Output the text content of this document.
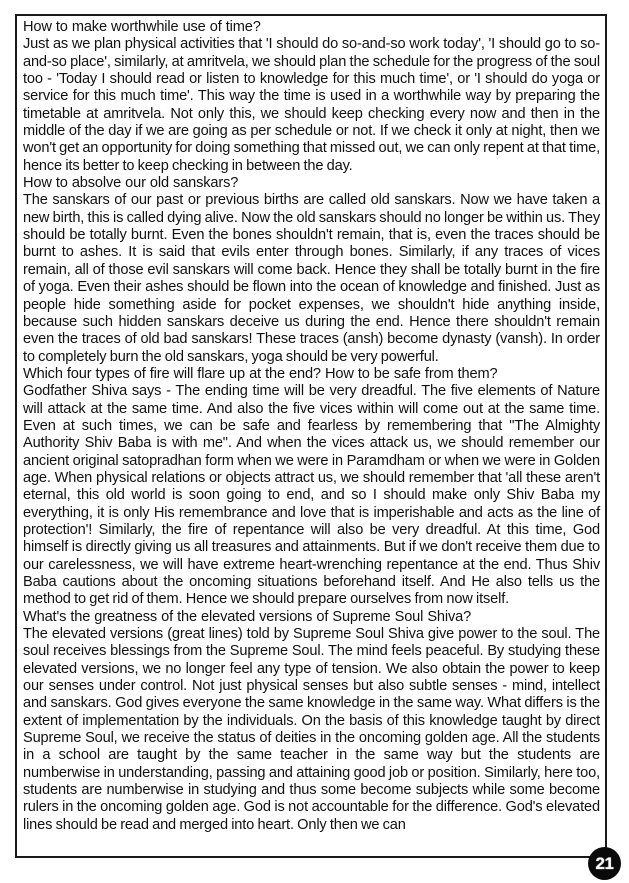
How to make worthwhile use of time?
Just as we plan physical activities that 'I should do so-and-so work today', 'I should go to so-and-so place', similarly, at amritvela, we should plan the schedule for the progress of the soul too - 'Today I should read or listen to knowledge for this much time', or 'I should do yoga or service for this much time'. This way the time is used in a worthwhile way by preparing the timetable at amritvela. Not only this, we should keep checking every now and then in the middle of the day if we are going as per schedule or not. If we check it only at night, then we won't get an opportunity for doing something that missed out, we can only repent at that time, hence its better to keep checking in between the day.
How to absolve our old sanskars?
The sanskars of our past or previous births are called old sanskars. Now we have taken a new birth, this is called dying alive. Now the old sanskars should no longer be within us. They should be totally burnt. Even the bones shouldn't remain, that is, even the traces should be burnt to ashes. It is said that evils enter through bones. Similarly, if any traces of vices remain, all of those evil sanskars will come back. Hence they shall be totally burnt in the fire of yoga. Even their ashes should be flown into the ocean of knowledge and finished. Just as people hide something aside for pocket expenses, we shouldn't hide anything inside, because such hidden sanskars deceive us during the end. Hence there shouldn't remain even the traces of old bad sanskars! These traces (ansh) become dynasty (vansh). In order to completely burn the old sanskars, yoga should be very powerful.
Which four types of fire will flare up at the end? How to be safe from them?
Godfather Shiva says - The ending time will be very dreadful. The five elements of Nature will attack at the same time. And also the five vices within will come out at the same time. Even at such times, we can be safe and fearless by remembering that "The Almighty Authority Shiv Baba is with me". And when the vices attack us, we should remember our ancient original satopradhan form when we were in Paramdham or when we were in Golden age. When physical relations or objects attract us, we should remember that 'all these aren't eternal, this old world is soon going to end, and so I should make only Shiv Baba my everything, it is only His remembrance and love that is imperishable and acts as the line of protection'! Similarly, the fire of repentance will also be very dreadful. At this time, God himself is directly giving us all treasures and attainments. But if we don't receive them due to our carelessness, we will have extreme heart-wrenching repentance at the end. Thus Shiv Baba cautions about the oncoming situations beforehand itself. And He also tells us the method to get rid of them. Hence we should prepare ourselves from now itself.
What's the greatness of the elevated versions of Supreme Soul Shiva?
The elevated versions (great lines) told by Supreme Soul Shiva give power to the soul. The soul receives blessings from the Supreme Soul. The mind feels peaceful. By studying these elevated versions, we no longer feel any type of tension. We also obtain the power to keep our senses under control. Not just physical senses but also subtle senses - mind, intellect and sanskars. God gives everyone the same knowledge in the same way. What differs is the extent of implementation by the individuals. On the basis of this knowledge taught by direct Supreme Soul, we receive the status of deities in the oncoming golden age. All the students in a school are taught by the same teacher in the same way but the students are numberwise in understanding, passing and attaining good job or position. Similarly, here too, students are numberwise in studying and thus some become subjects while some become rulers in the oncoming golden age. God is not accountable for the difference. God's elevated lines should be read and merged into heart. Only then we can
21
